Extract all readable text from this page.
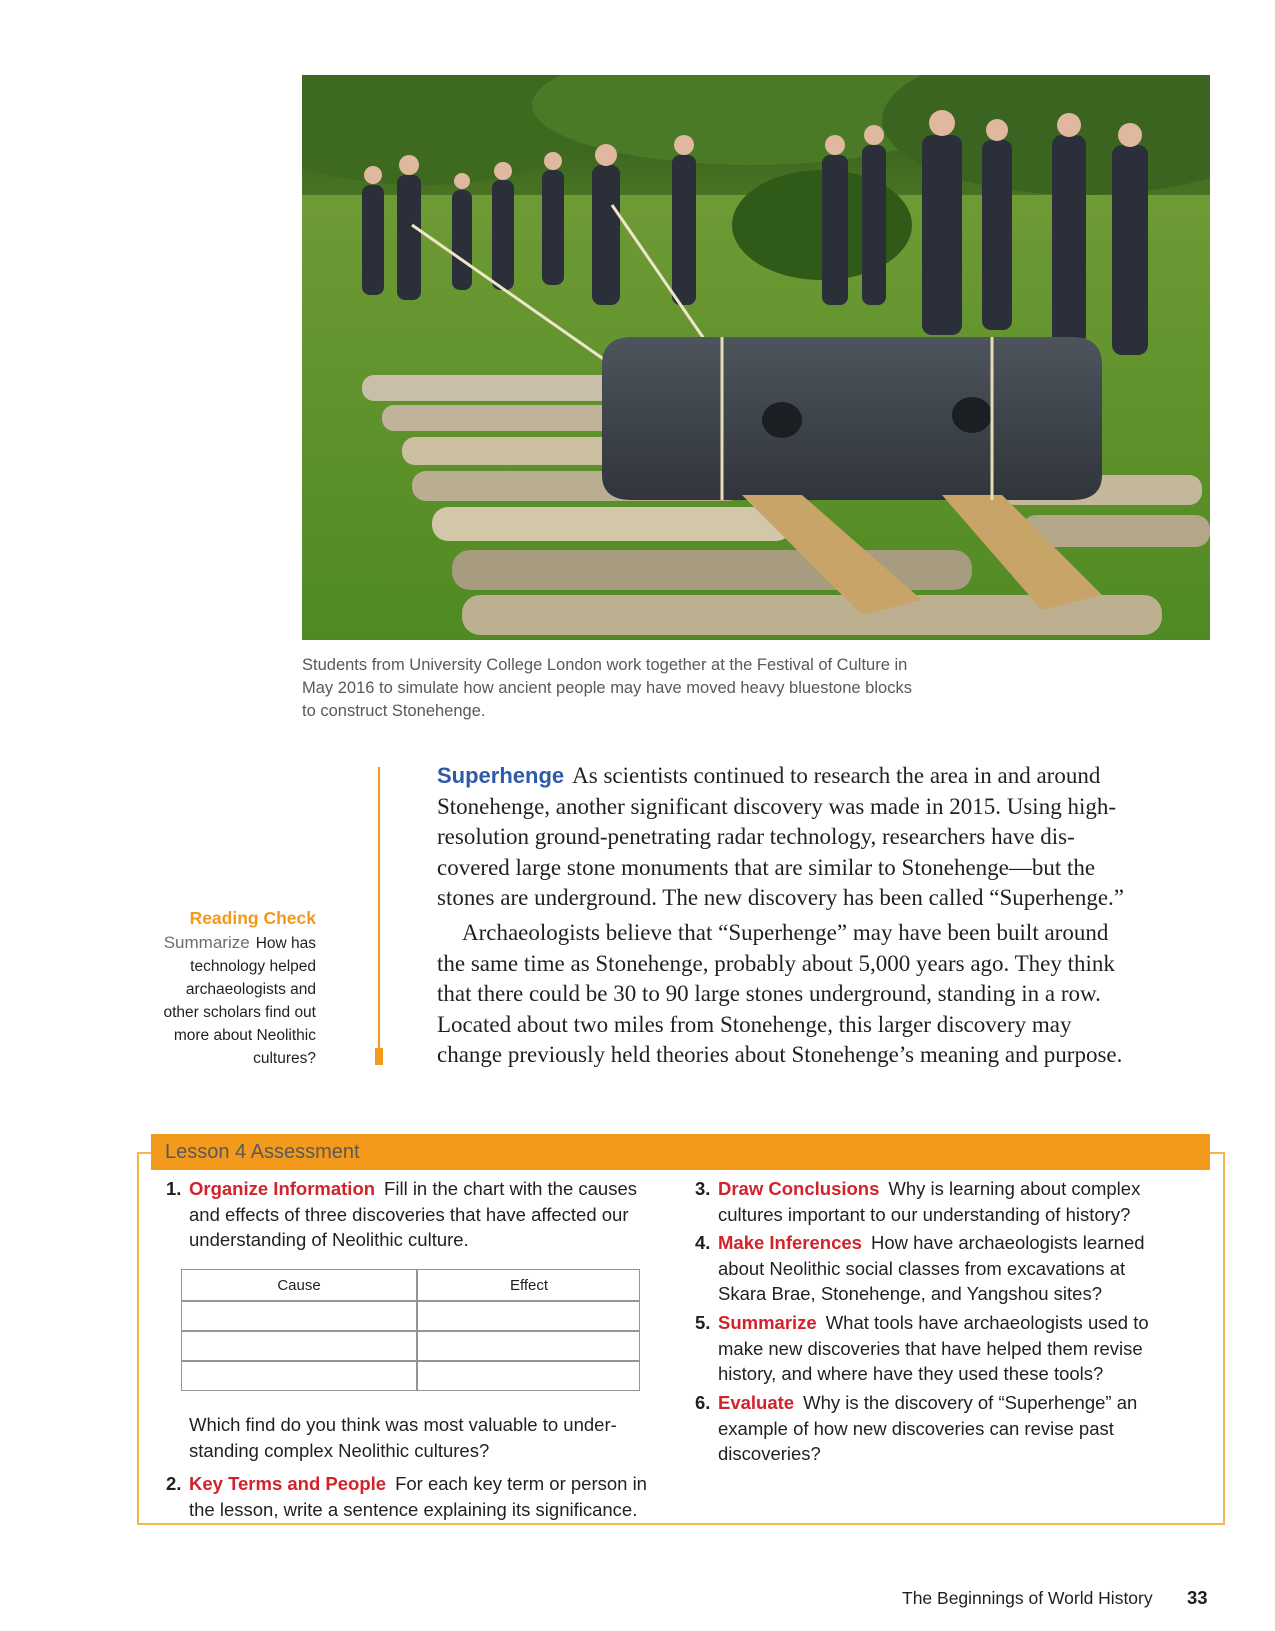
Students from University College London work together at the Festival of Culture in
May 2016 to simulate how ancient people may have moved heavy bluestone blocks
to construct Stonehenge.
Reading Check
Summarize How has
technology helped
archaeologists and
other scholars find out
more about Neolithic
cultures?
Superhenge As scientists continued to research the area in and around
Stonehenge, another significant discovery was made in 2015. Using high-
resolution ground-penetrating radar technology, researchers have dis-
covered large stone monuments that are similar to Stonehenge—but the
stones are underground. The new discovery has been called “Superhenge.”
Archaeologists believe that “Superhenge” may have been built around
the same time as Stonehenge, probably about 5,000 years ago. They think
that there could be 30 to 90 large stones underground, standing in a row.
Located about two miles from Stonehenge, this larger discovery may
change previously held theories about Stonehenge’s meaning and purpose.
Lesson 4 Assessment
1. Organize Information Fill in the chart with the causes
and effects of three discoveries that have affected our
understanding of Neolithic culture.
Cause	Effect
Which find do you think was most valuable to under-
standing complex Neolithic cultures?
2. Key Terms and People For each key term or person in
the lesson, write a sentence explaining its significance.
3. Draw Conclusions Why is learning about complex
cultures important to our understanding of history?
4. Make Inferences How have archaeologists learned
about Neolithic social classes from excavations at
Skara Brae, Stonehenge, and Yangshou sites?
5. Summarize What tools have archaeologists used to
make new discoveries that have helped them revise
history, and where have they used these tools?
6. Evaluate Why is the discovery of “Superhenge” an
example of how new discoveries can revise past
discoveries?
The Beginnings of World History 33
